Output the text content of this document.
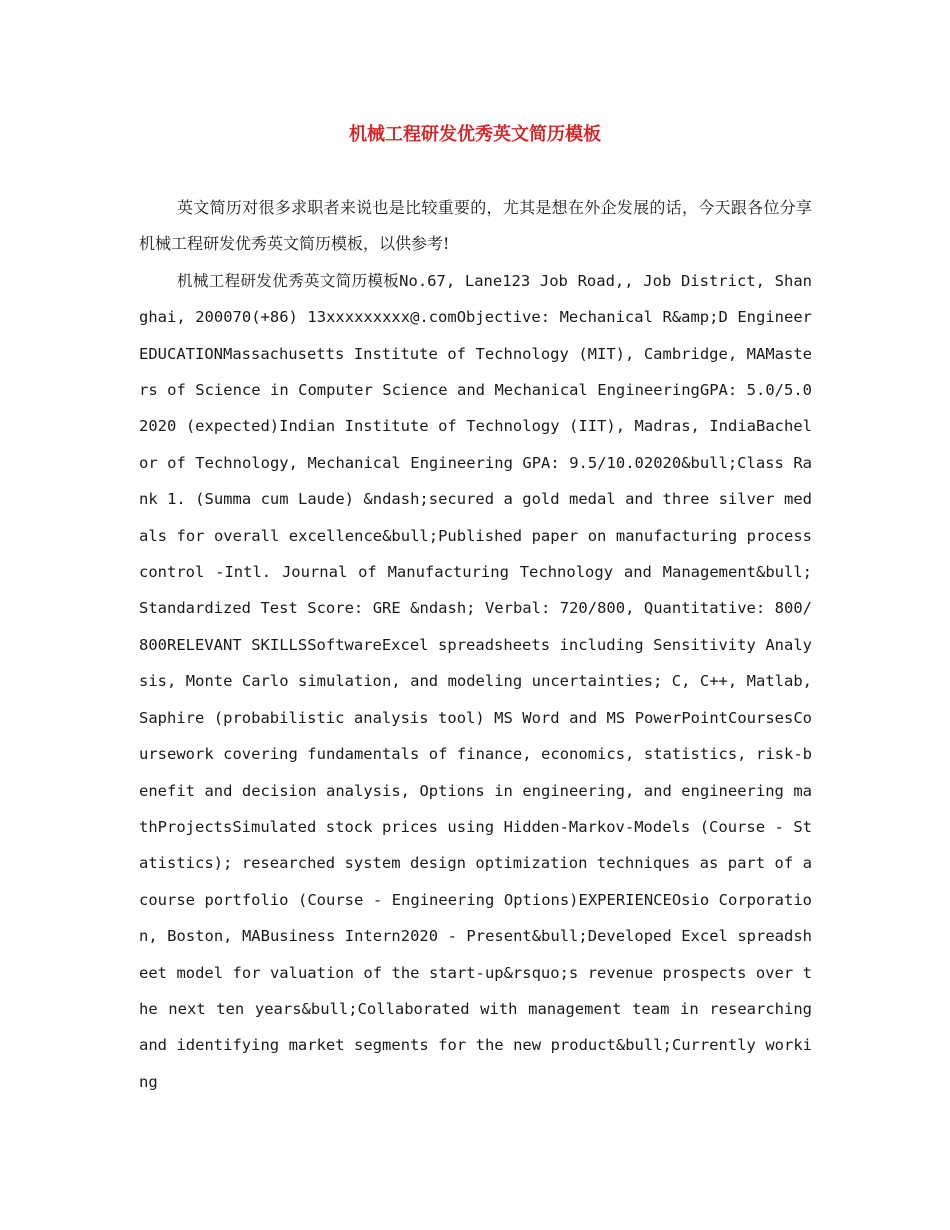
机械工程研发优秀英文简历模板

英文简历对很多求职者来说也是比较重要的，尤其是想在外企发展的话，今天跟各位分享机械工程研发优秀英文简历模板，以供参考!

机械工程研发优秀英文简历模板No.67, Lane123 Job Road,, Job District, Shanghai, 200070(+86) 13xxxxxxxxx@.comObjective: Mechanical R&amp;D EngineerEDUCATIONMassachusetts Institute of Technology (MIT), Cambridge, MAMasters of Science in Computer Science and Mechanical EngineeringGPA: 5.0/5.02020 (expected)Indian Institute of Technology (IIT), Madras, IndiaBachelor of Technology, Mechanical Engineering GPA: 9.5/10.02020&bull;Class Rank 1. (Summa cum Laude) &ndash;secured a gold medal and three silver medals for overall excellence&bull;Published paper on manufacturing process control -Intl. Journal of Manufacturing Technology and Management&bull; Standardized Test Score: GRE &ndash; Verbal: 720/800, Quantitative: 800/800RELEVANT SKILLSSoftwareExcel spreadsheets including Sensitivity Analysis, Monte Carlo simulation, and modeling uncertainties; C, C++, Matlab, Saphire (probabilistic analysis tool) MS Word and MS PowerPointCoursesCoursework covering fundamentals of finance, economics, statistics, risk-benefit and decision analysis, Options in engineering, and engineering mathProjectsSimulated stock prices using Hidden-Markov-Models (Course - Statistics); researched system design optimization techniques as part of a course portfolio (Course - Engineering Options)EXPERIENCEOsio Corporation, Boston, MABusiness Intern2020 - Present&bull;Developed Excel spreadsheet model for valuation of the start-up&rsquo;s revenue prospects over the next ten years&bull;Collaborated with management team in researching and identifying market segments for the new product&bull;Currently working
